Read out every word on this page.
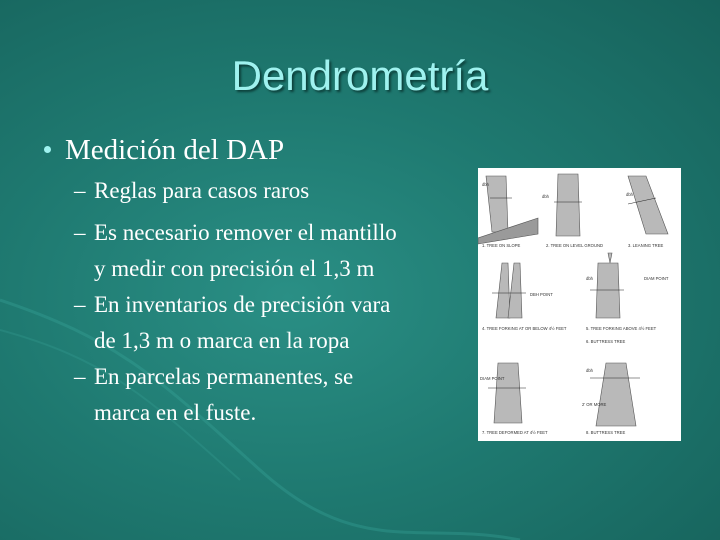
Dendrometría
Medición del DAP
– Reglas para casos raros
– Es necesario remover el mantillo
y medir con precisión el 1,3 m
– En inventarios de precisión vara
de 1,3 m o marca en la ropa
– En parcelas permanentes, se
marca en el fuste.
dbh
dbh	dbh
DBH POINT
dbh	DIAM POINT
DIAM POINT
dbh
2' OR MORE
1. TREE ON SLOPE	2. TREE ON LEVEL GROUND	3. LEANING TREE
4. TREE FORKING AT OR BELOW 4½ FEET	5. TREE FORKING ABOVE 4½ FEET
6. BUTTRESS TREE
7. TREE DEFORMED AT 4½ FEET	8. BUTTRESS TREE
